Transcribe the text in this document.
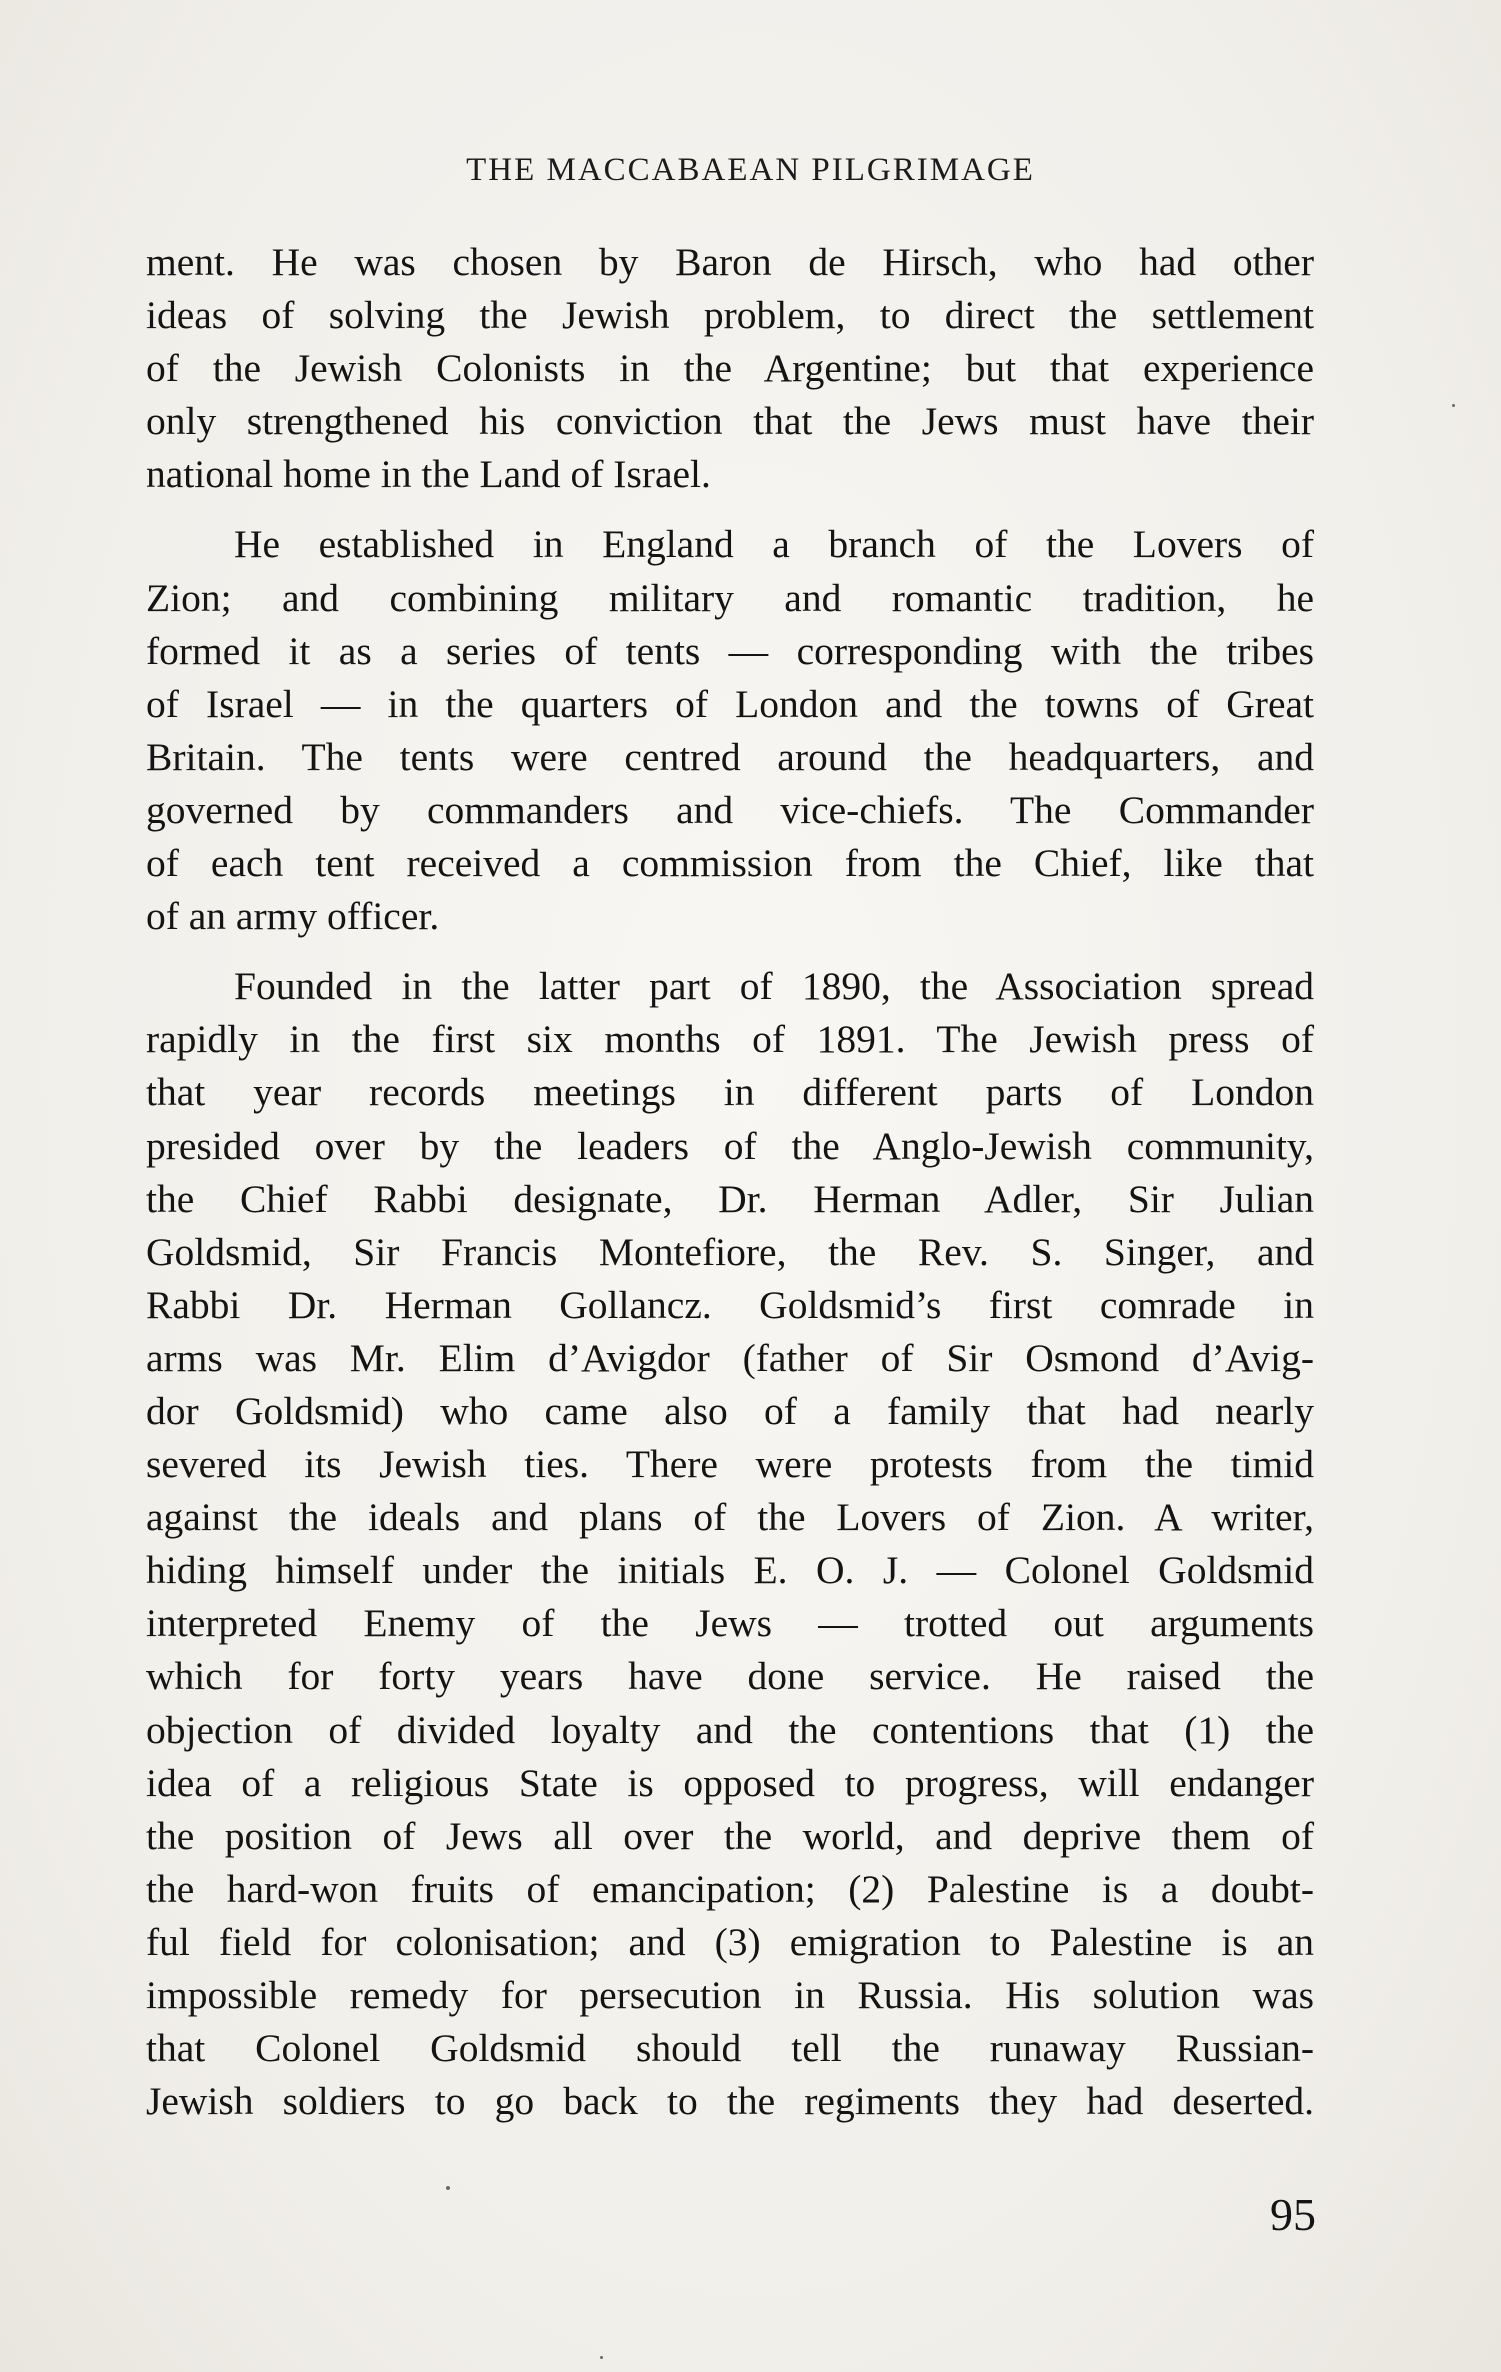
THE MACCABAEAN PILGRIMAGE
ment. He was chosen by Baron de Hirsch, who had other
ideas of solving the Jewish problem, to direct the settlement
of the Jewish Colonists in the Argentine; but that experience
only strengthened his conviction that the Jews must have their
national home in the Land of Israel.
He established in England a branch of the Lovers of
Zion; and combining military and romantic tradition, he
formed it as a series of tents — corresponding with the tribes
of Israel — in the quarters of London and the towns of Great
Britain. The tents were centred around the headquarters, and
governed by commanders and vice-chiefs. The Commander
of each tent received a commission from the Chief, like that
of an army officer.
Founded in the latter part of 1890, the Association spread
rapidly in the first six months of 1891. The Jewish press of
that year records meetings in different parts of London
presided over by the leaders of the Anglo-Jewish community,
the Chief Rabbi designate, Dr. Herman Adler, Sir Julian
Goldsmid, Sir Francis Montefiore, the Rev. S. Singer, and
Rabbi Dr. Herman Gollancz. Goldsmid’s first comrade in
arms was Mr. Elim d’Avigdor (father of Sir Osmond d’Avig-
dor Goldsmid) who came also of a family that had nearly
severed its Jewish ties. There were protests from the timid
against the ideals and plans of the Lovers of Zion. A writer,
hiding himself under the initials E. O. J. — Colonel Goldsmid
interpreted Enemy of the Jews — trotted out arguments
which for forty years have done service. He raised the
objection of divided loyalty and the contentions that (1) the
idea of a religious State is opposed to progress, will endanger
the position of Jews all over the world, and deprive them of
the hard-won fruits of emancipation; (2) Palestine is a doubt-
ful field for colonisation; and (3) emigration to Palestine is an
impossible remedy for persecution in Russia. His solution was
that Colonel Goldsmid should tell the runaway Russian-
Jewish soldiers to go back to the regiments they had deserted.
95
